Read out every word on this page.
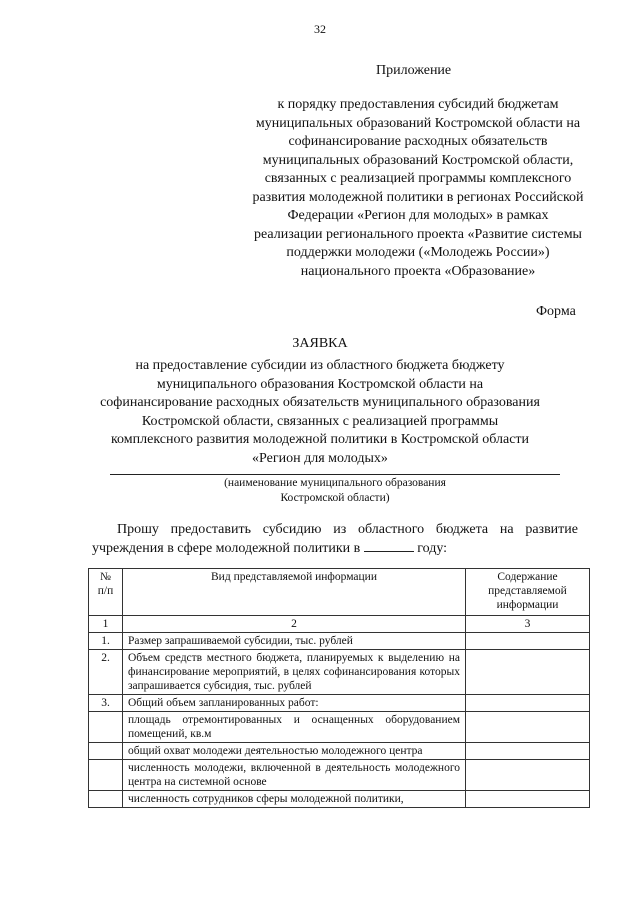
32
Приложение
к порядку предоставления субсидий бюджетам муниципальных образований Костромской области на софинансирование расходных обязательств муниципальных образований Костромской области, связанных с реализацией программы комплексного развития молодежной политики в регионах Российской Федерации «Регион для молодых» в рамках реализации регионального проекта «Развитие системы поддержки молодежи («Молодежь России») национального проекта «Образование»
Форма
ЗАЯВКА
на предоставление субсидии из областного бюджета бюджету муниципального образования Костромской области на софинансирование расходных обязательств муниципального образования Костромской области, связанных с реализацией программы комплексного развития молодежной политики в Костромской области «Регион для молодых»
(наименование муниципального образования
Костромской области)
Прошу предоставить субсидию из областного бюджета на развитие учреждения в сфере молодежной политики в	году:
№ п/п	Вид представляемой информации	Содержание представляемой информации
1	2	3
1.	Размер запрашиваемой субсидии, тыс. рублей	
2.	Объем средств местного бюджета, планируемых к выделению на финансирование мероприятий, в целях софинансирования которых запрашивается субсидия, тыс. рублей	
3.	Общий объем запланированных работ:	
	площадь отремонтированных и оснащенных оборудованием помещений, кв.м	
	общий охват молодежи деятельностью молодежного центра	
	численность молодежи, включенной в деятельность молодежного центра на системной основе	
	численность сотрудников сферы молодежной политики,	
